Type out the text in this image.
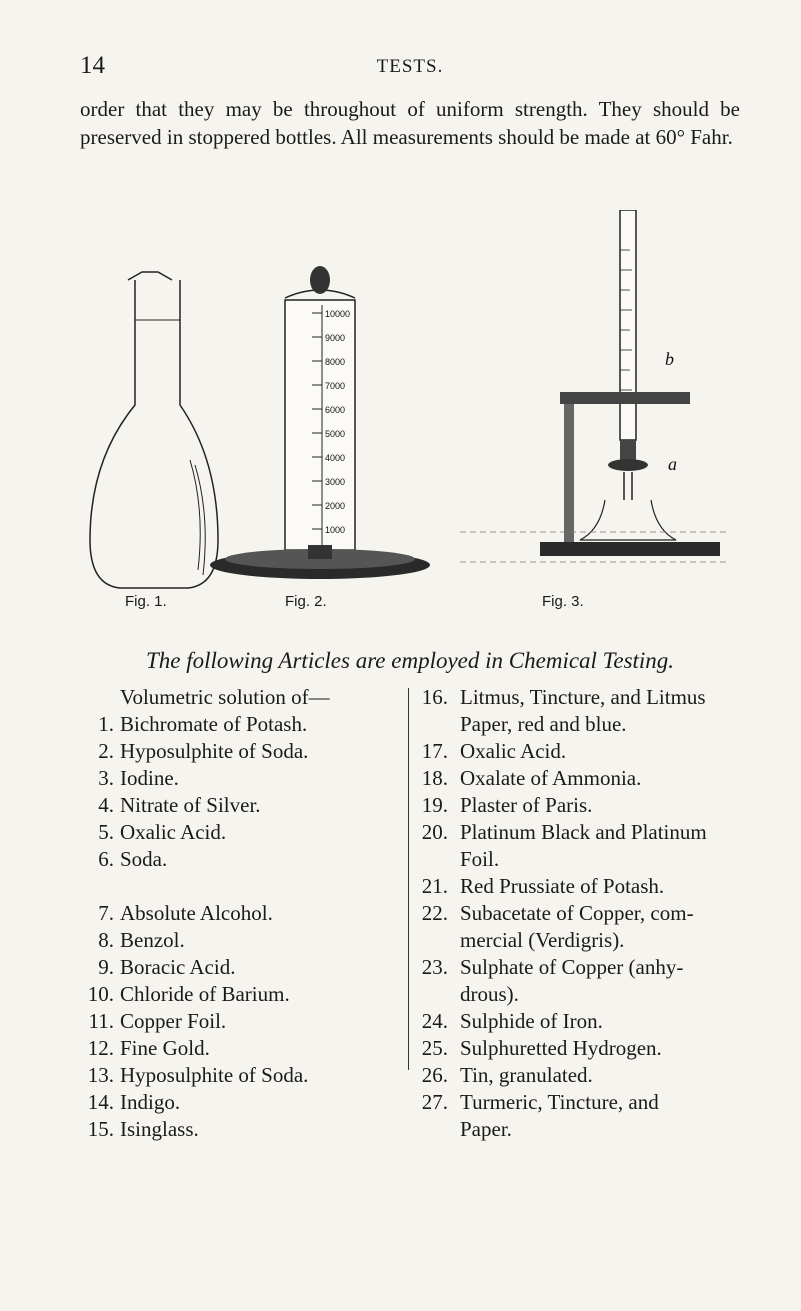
14	TESTS.

order that they may be throughout of uniform strength. They should be preserved in stoppered bottles. All measurements should be made at 60° Fahr.

10000
9000
8000
7000
6000
5000
4000
3000
2000
1000
b
a
Fig. 1.	Fig. 2.	Fig. 3.
The following Articles are employed in Chemical Testing.
Volumetric solution of—
1 . Bichromate of Potash.
2 . Hyposulphite of Soda.
3 . Iodine.
4 . Nitrate of Silver.
5 . Oxalic Acid.
6 . Soda.
7 . Absolute Alcohol.
8 . Benzol.
9 . Boracic Acid.
10 . Chloride of Barium.
11 . Copper Foil.
12 . Fine Gold.
13 . Hyposulphite of Soda.
14 . Indigo.
15 . Isinglass.
16 . Litmus, Tincture, and Litmus
Paper, red and blue.
17 . Oxalic Acid.
18 . Oxalate of Ammonia.
19 . Plaster of Paris.
20 . Platinum Black and Platinum
Foil.
21 . Red Prussiate of Potash.
22 . Subacetate of Copper, com-
mercial (Verdigris).
23 . Sulphate of Copper (anhy-
drous).
24 . Sulphide of Iron.
25 . Sulphuretted Hydrogen.
26 . Tin, granulated.
27 . Turmeric, Tincture, and
Paper.
